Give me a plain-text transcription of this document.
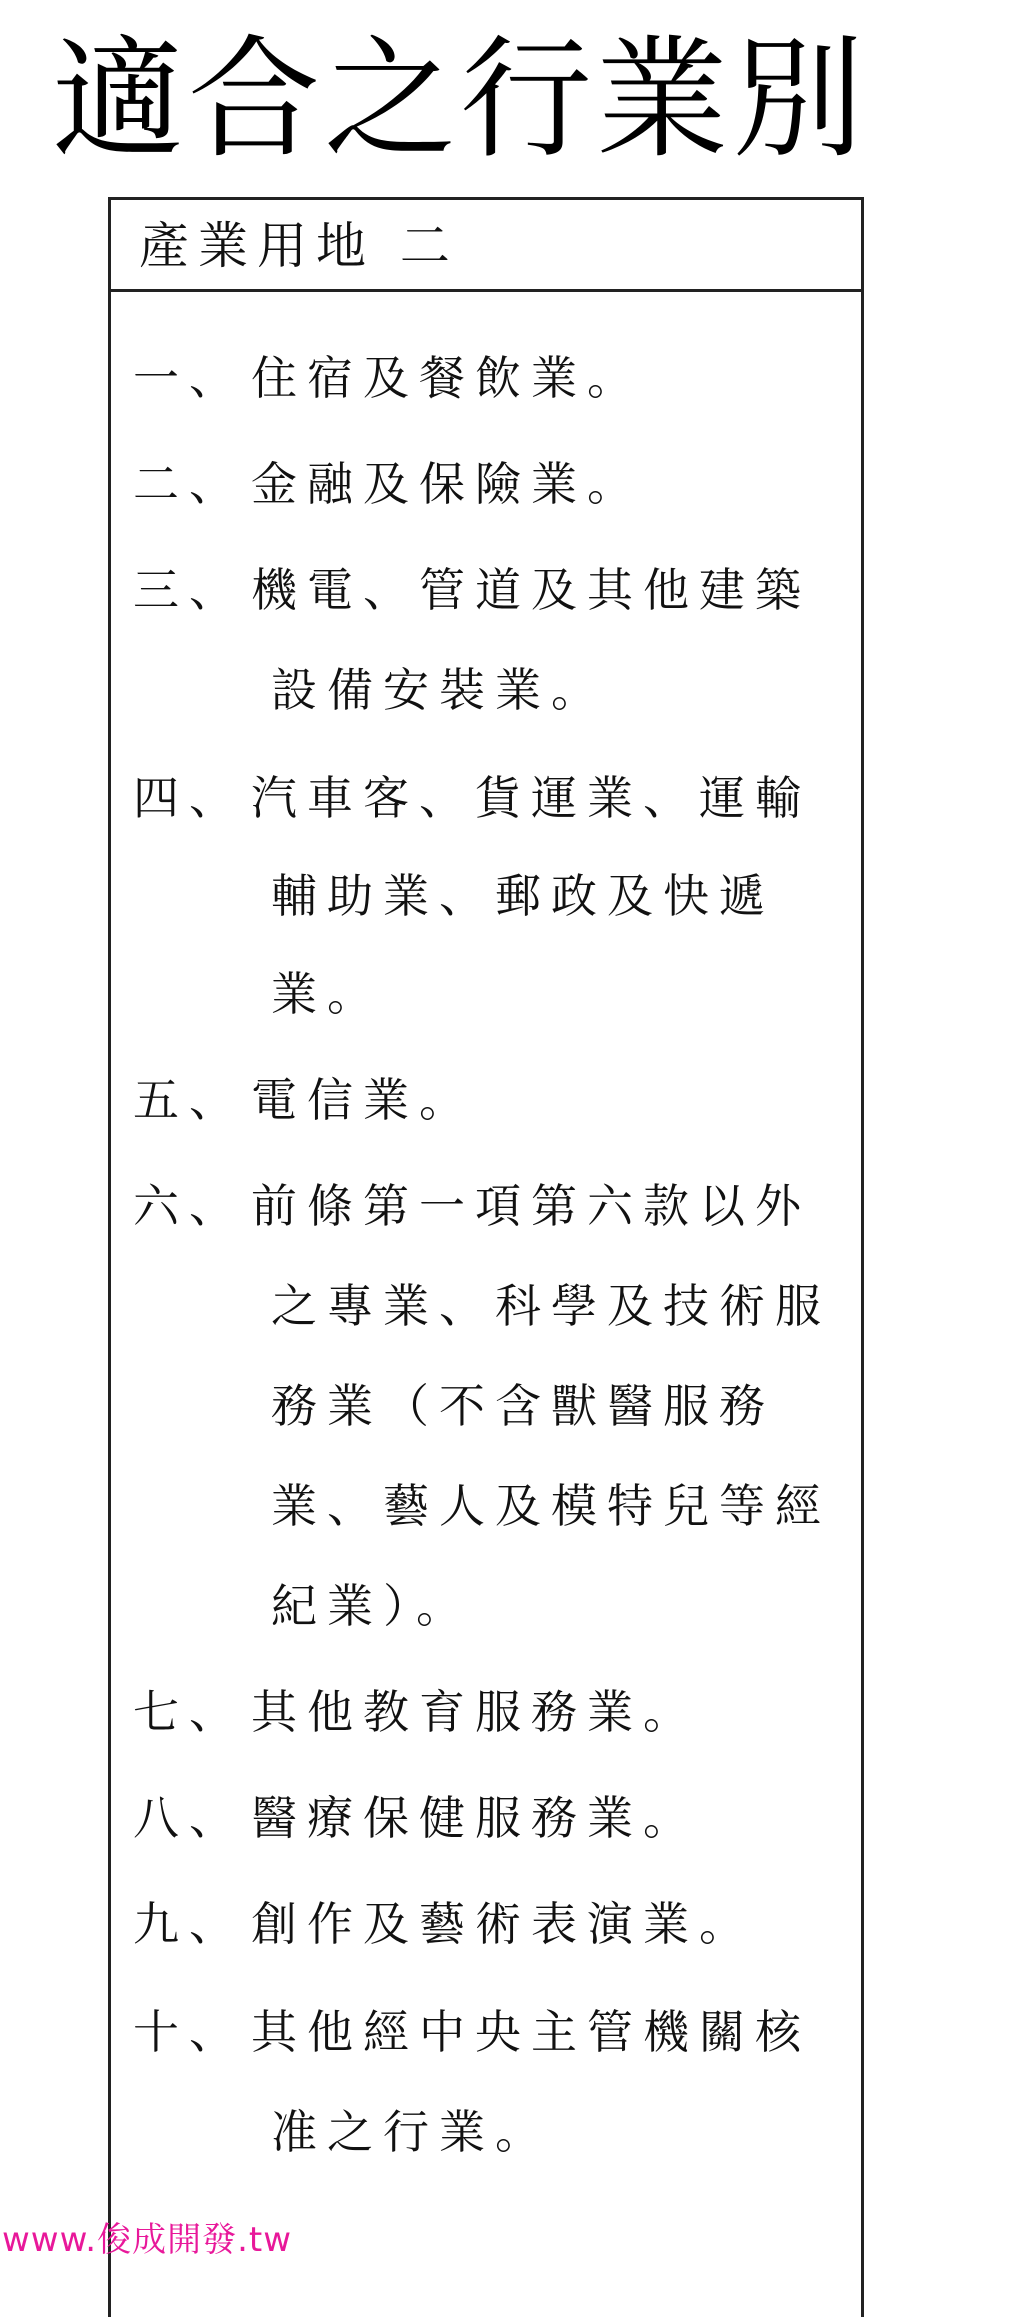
適合之行業別
產業用地 二
一、 住宿及餐飲業。
二、 金融及保險業。
三、 機電、管道及其他建築
設備安裝業。
四、 汽車客、貨運業、運輸
輔助業、郵政及快遞
業。
五、 電信業。
六、 前條第一項第六款以外
之專業、科學及技術服
務業（不含獸醫服務
業、藝人及模特兒等經
紀業）。
七、 其他教育服務業。
八、 醫療保健服務業。
九、 創作及藝術表演業。
十、 其他經中央主管機關核
准之行業。
www.俊成開發.tw
